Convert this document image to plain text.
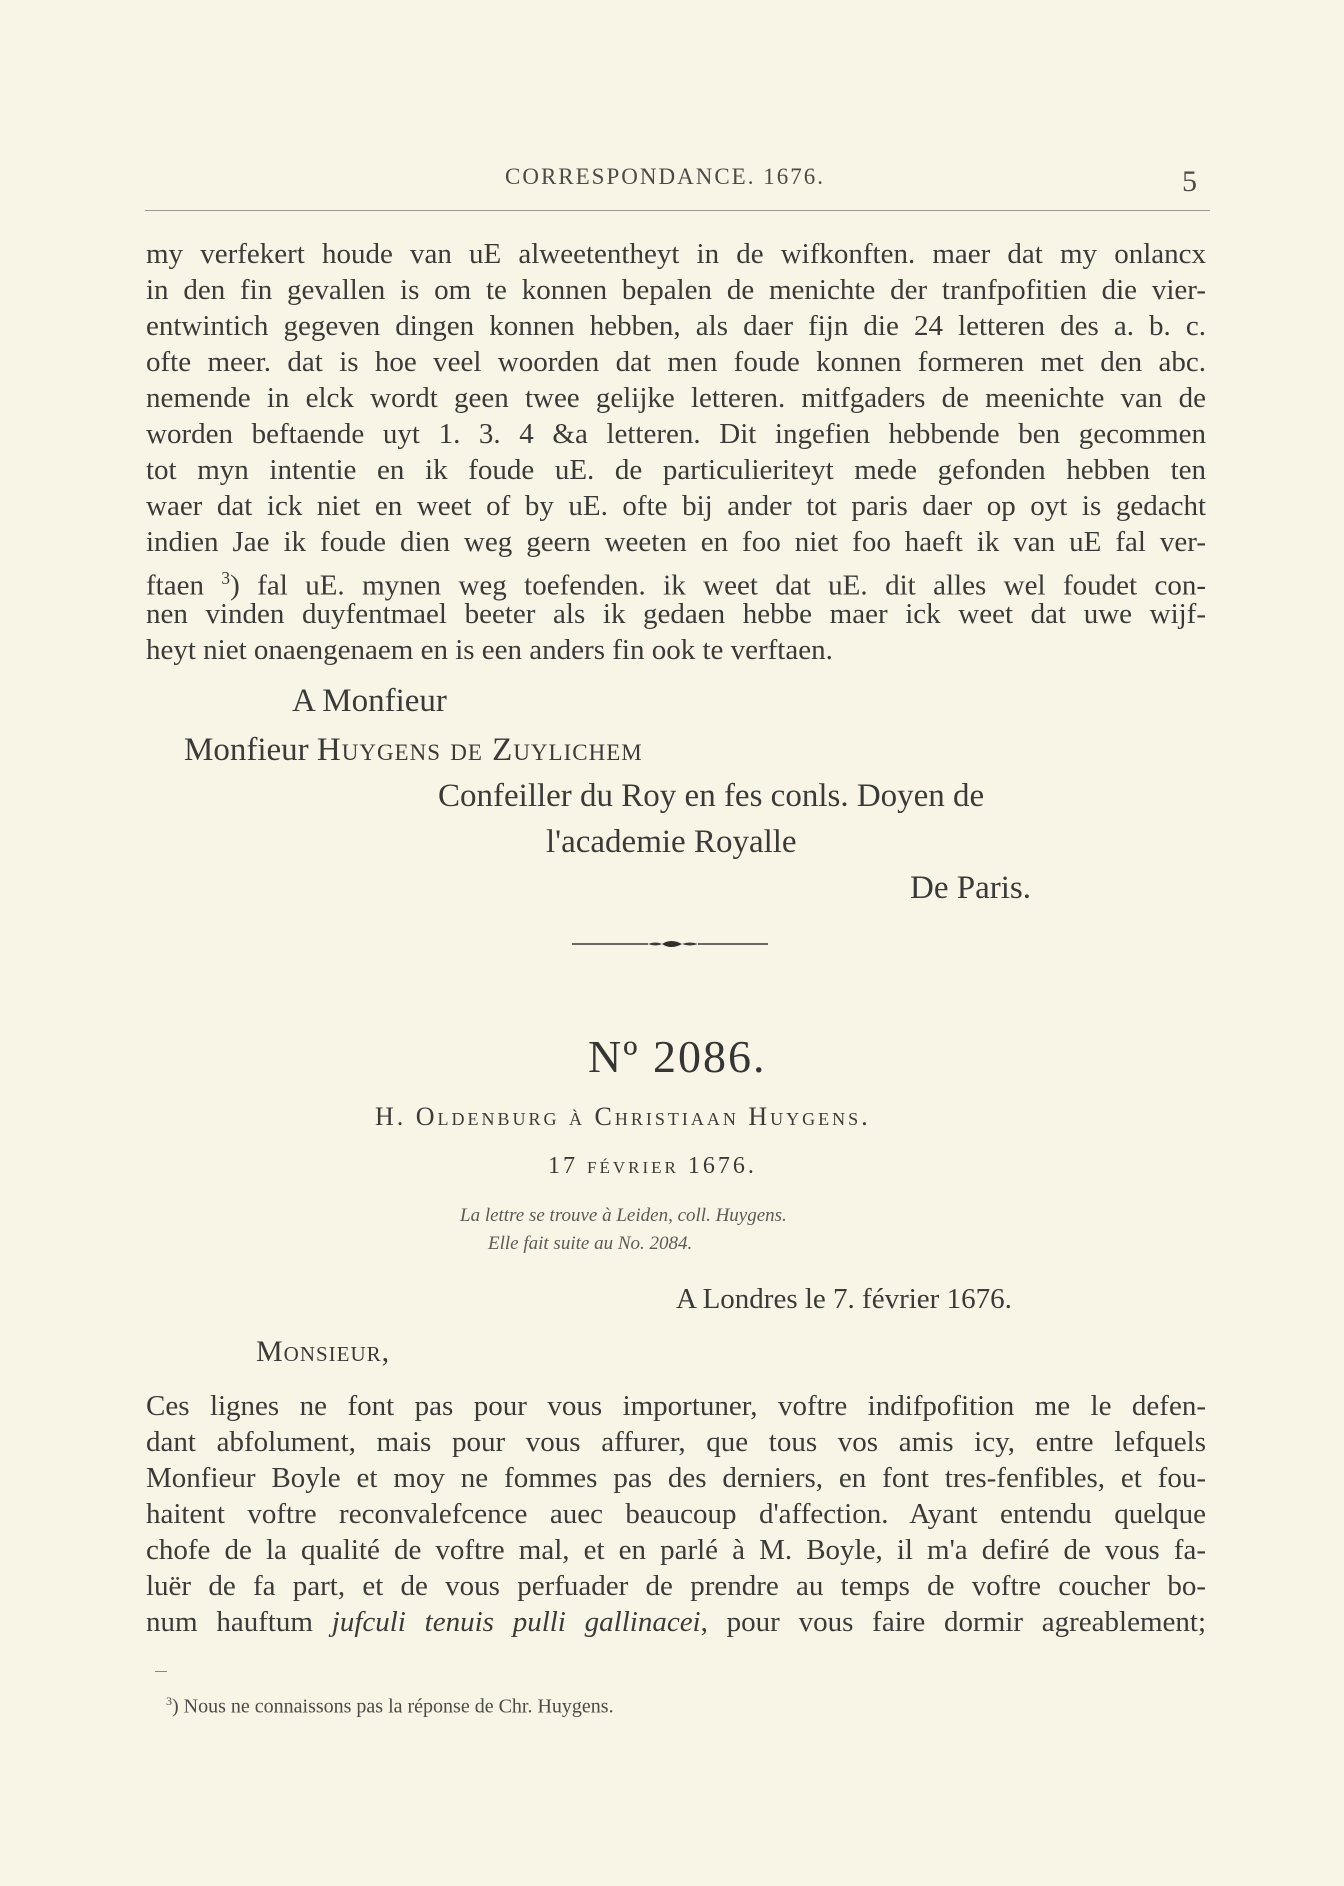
CORRESPONDANCE. 1676.	5
my verfekert houde van uE alweetentheyt in de wifkonften. maer dat my onlancx
in den fin gevallen is om te konnen bepalen de menichte der tranfpofitien die vier-
entwintich gegeven dingen konnen hebben, als daer fijn die 24 letteren des a. b. c.
ofte meer. dat is hoe veel woorden dat men foude konnen formeren met den abc.
nemende in elck wordt geen twee gelijke letteren. mitfgaders de meenichte van de
worden beftaende uyt 1. 3. 4 &a letteren. Dit ingefien hebbende ben gecommen
tot myn intentie en ik foude uE. de particulieriteyt mede gefonden hebben ten
waer dat ick niet en weet of by uE. ofte bij ander tot paris daer op oyt is gedacht
indien Jae ik foude dien weg geern weeten en foo niet foo haeft ik van uE fal ver-
ftaen $^3$) fal uE. mynen weg toefenden. ik weet dat uE. dit alles wel foudet con-
nen vinden duyfentmael beeter als ik gedaen hebbe maer ick weet dat uwe wijf-
heyt niet onaengenaem en is een anders fin ook te verftaen.
A Monfieur
Monfieur Huygens de Zuylichem
Confeiller du Roy en fes conls. Doyen de
l'academie Royalle
De Paris.
Nº 2086.
H. Oldenburg à Christiaan Huygens.
17 février 1676.
La lettre se trouve à Leiden, coll. Huygens.
Elle fait suite au No. 2084.
A Londres le 7. février 1676.
Monsieur,
Ces lignes ne font pas pour vous importuner, voftre indifpofition me le defen-
dant abfolument, mais pour vous affurer, que tous vos amis icy, entre lefquels
Monfieur Boyle et moy ne fommes pas des derniers, en font tres-fenfibles, et fou-
haitent voftre reconvalefcence auec beaucoup d'affection. Ayant entendu quelque
chofe de la qualité de voftre mal, et en parlé à M. Boyle, il m'a defiré de vous fa-
luër de fa part, et de vous perfuader de prendre au temps de voftre coucher bo-
num hauftum jufculi tenuis pulli gallinacei, pour vous faire dormir agreablement;
$^3$) Nous ne connaissons pas la réponse de Chr. Huygens.
